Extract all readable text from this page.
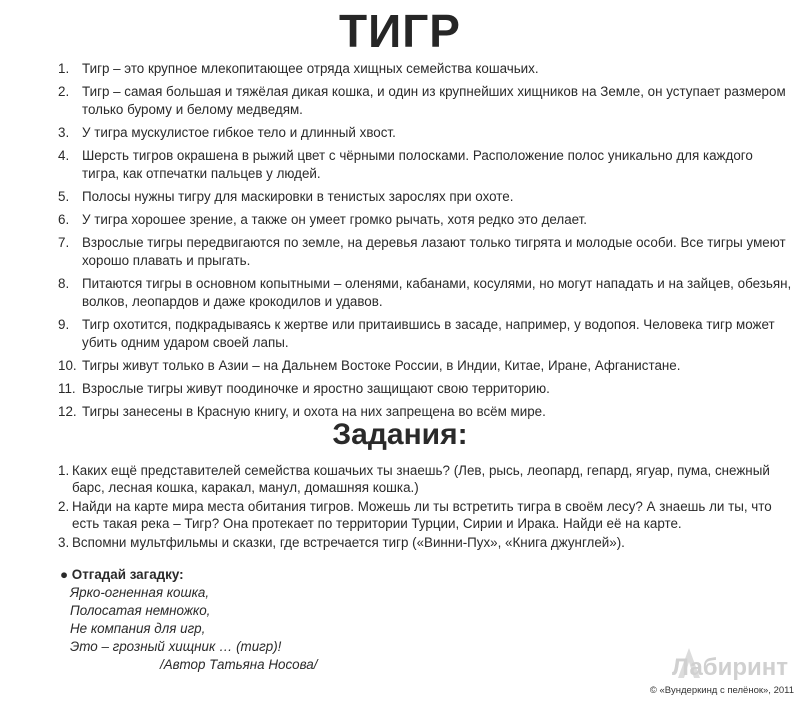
ТИГР
1. Тигр – это крупное млекопитающее отряда хищных семейства кошачьих.
2. Тигр – самая большая и тяжёлая дикая кошка, и один из крупнейших хищников на Земле, он уступает размером только бурому и белому медведям.
3. У тигра мускулистое гибкое тело и длинный хвост.
4. Шерсть тигров окрашена в рыжий цвет с чёрными полосками. Расположение полос уникально для каждого тигра, как отпечатки пальцев у людей.
5. Полосы нужны тигру для маскировки в тенистых зарослях при охоте.
6. У тигра хорошее зрение, а также он умеет громко рычать, хотя редко это делает.
7. Взрослые тигры передвигаются по земле, на деревья лазают только тигрята и молодые особи. Все тигры умеют хорошо плавать и прыгать.
8. Питаются тигры в основном копытными – оленями, кабанами, косулями, но могут нападать и на зайцев, обезьян, волков, леопардов и даже крокодилов и удавов.
9. Тигр охотится, подкрадываясь к жертве или притаившись в засаде, например, у водопоя. Человека тигр может убить одним ударом своей лапы.
10. Тигры живут только в Азии – на Дальнем Востоке России, в Индии, Китае, Иране, Афганистане.
11. Взрослые тигры живут поодиночке и яростно защищают свою территорию.
12. Тигры занесены в Красную книгу, и охота на них запрещена во всём мире.
Задания:
1. Каких ещё представителей семейства кошачьих ты знаешь? (Лев, рысь, леопард, гепард, ягуар, пума, снежный барс, лесная кошка, каракал, манул, домашняя кошка.)
2. Найди на карте мира места обитания тигров. Можешь ли ты встретить тигра в своём лесу? А знаешь ли ты, что есть такая река – Тигр? Она протекает по территории Турции, Сирии и Ирака. Найди её на карте.
3. Вспомни мультфильмы и сказки, где встречается тигр («Винни-Пух», «Книга джунглей»).
● Отгадай загадку:
Ярко-огненная кошка,
Полосатая немножко,
Не компания для игр,
Это – грозный хищник … (тигр)!
/Автор Татьяна Носова/	Лабиринт
© «Вундеркинд с пелёнок», 2011
